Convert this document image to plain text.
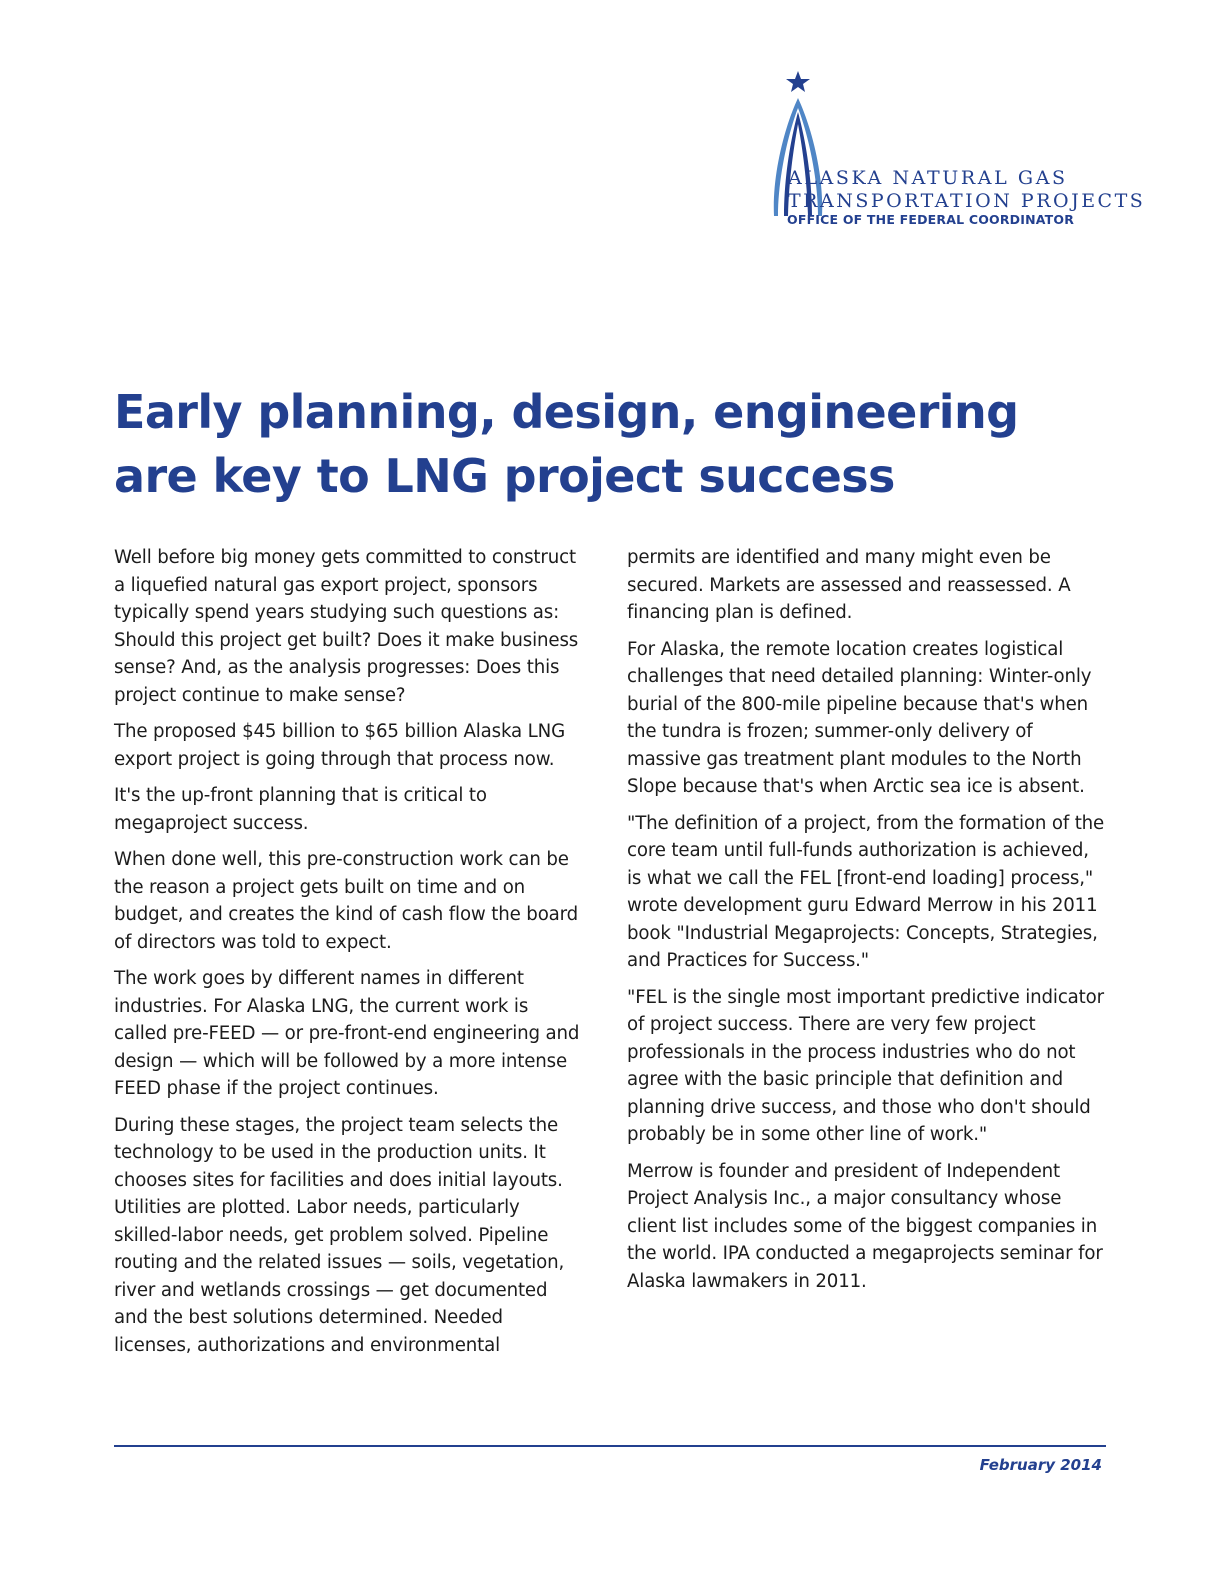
ALASKA NATURAL GAS
TRANSPORTATION PROJECTS
OFFICE OF THE FEDERAL COORDINATOR
Early planning, design, engineering
are key to LNG project success

Well before big money gets committed to construct a liquefied natural gas export project, sponsors typically spend years studying such questions as: Should this project get built? Does it make business sense? And, as the analysis progresses: Does this project continue to make sense?

The proposed $45 billion to $65 billion Alaska LNG export project is going through that process now.

It's the up-front planning that is critical to megaproject success.

When done well, this pre-construction work can be the reason a project gets built on time and on budget, and creates the kind of cash flow the board of directors was told to expect.

The work goes by different names in different industries. For Alaska LNG, the current work is called pre-FEED — or pre-front-end engineering and design — which will be followed by a more intense FEED phase if the project continues.

During these stages, the project team selects the technology to be used in the production units. It chooses sites for facilities and does initial layouts. Utilities are plotted. Labor needs, particularly skilled-labor needs, get problem solved. Pipeline routing and the related issues — soils, vegetation, river and wetlands crossings — get documented and the best solutions determined. Needed licenses, authorizations and environmental

permits are identified and many might even be secured. Markets are assessed and reassessed. A financing plan is defined.

For Alaska, the remote location creates logistical challenges that need detailed planning: Winter-only burial of the 800-mile pipeline because that's when the tundra is frozen; summer-only delivery of massive gas treatment plant modules to the North Slope because that's when Arctic sea ice is absent.

"The definition of a project, from the formation of the core team until full-funds authorization is achieved, is what we call the FEL [front-end loading] process," wrote development guru Edward Merrow in his 2011 book "Industrial Megaprojects: Concepts, Strategies, and Practices for Success."

"FEL is the single most important predictive indicator of project success. There are very few project professionals in the process industries who do not agree with the basic principle that definition and planning drive success, and those who don't should probably be in some other line of work."

Merrow is founder and president of Independent Project Analysis Inc., a major consultancy whose client list includes some of the biggest companies in the world. IPA conducted a megaprojects seminar for Alaska lawmakers in 2011.

February 2014
